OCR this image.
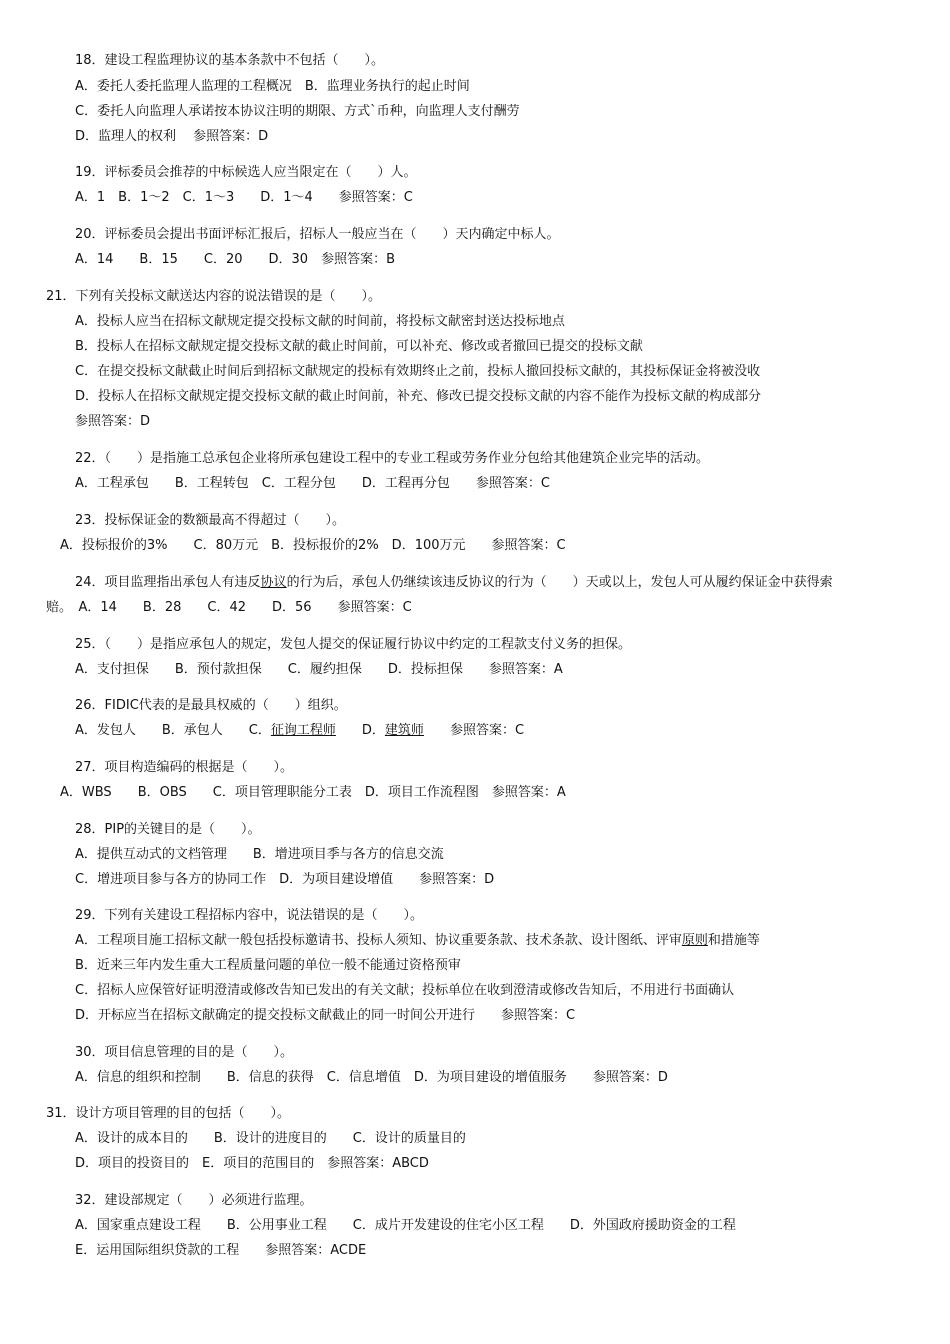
18．建设工程监理协议的基本条款中不包括（　　）。
A．委托人委托监理人监理的工程概况　B．监理业务执行的起止时间
C．委托人向监理人承诺按本协议注明的期限、方式`币种，向监理人支付酬劳
D．监理人的权利　 参照答案：D
19．评标委员会推荐的中标候选人应当限定在（　　）人。
A．1　B．1～2　C．1～3　　D．1～4　　参照答案：C
20．评标委员会提出书面评标汇报后，招标人一般应当在（　　）天内确定中标人。
A．14　　B．15　　C．20　　D．30　参照答案：B
21．下列有关投标文献送达内容的说法错误的是（　　）。
A．投标人应当在招标文献规定提交投标文献的时间前，将投标文献密封送达投标地点
B．投标人在招标文献规定提交投标文献的截止时间前，可以补充、修改或者撤回已提交的投标文献
C．在提交投标文献截止时间后到招标文献规定的投标有效期终止之前，投标人撤回投标文献的，其投标保证金将被没收
D．投标人在招标文献规定提交投标文献的截止时间前，补充、修改已提交投标文献的内容不能作为投标文献的构成部分
参照答案：D
22．（　　）是指施工总承包企业将所承包建设工程中的专业工程或劳务作业分包给其他建筑企业完毕的活动。
A．工程承包　　B．工程转包　C．工程分包　　D．工程再分包　　参照答案：C
23．投标保证金的数额最高不得超过（　　）。
A．投标报价的3%　　C．80万元　B．投标报价的2%　D．100万元　　参照答案：C
24．项目监理指出承包人有违反协议的行为后，承包人仍继续该违反协议的行为（　　）天或以上，发包人可从履约保证金中获得索
赔。　A．14　　B．28　　C．42　　D．56　　参照答案：C
25．（　　）是指应承包人的规定，发包人提交的保证履行协议中约定的工程款支付义务的担保。
A．支付担保　　B．预付款担保　　C．履约担保　　D．投标担保　　参照答案：A
26．FIDIC代表的是最具权威的（　　）组织。
A．发包人　　B．承包人　　C．征询工程师　　D．建筑师　　参照答案：C
27．项目构造编码的根据是（　　）。
A．WBS　　B．OBS　　C．项目管理职能分工表　D．项目工作流程图　参照答案：A
28．PIP的关键目的是（　　）。
A．提供互动式的文档管理　　B．增进项目季与各方的信息交流
C．增进项目参与各方的协同工作　D．为项目建设增值　　参照答案：D
29．下列有关建设工程招标内容中，说法错误的是（　　）。
A．工程项目施工招标文献一般包括投标邀请书、投标人须知、协议重要条款、技术条款、设计图纸、评审原则和措施等
B．近来三年内发生重大工程质量问题的单位一般不能通过资格预审
C．招标人应保管好证明澄清或修改告知已发出的有关文献；投标单位在收到澄清或修改告知后，不用进行书面确认
D．开标应当在招标文献确定的提交投标文献截止的同一时间公开进行　　参照答案：C
30．项目信息管理的目的是（　　）。
A．信息的组织和控制　　B．信息的获得　C．信息增值　D．为项目建设的增值服务　　参照答案：D
31．设计方项目管理的目的包括（　　）。
A．设计的成本目的　　B．设计的进度目的　　C．设计的质量目的
D．项目的投资目的　E．项目的范围目的　参照答案：ABCD
32．建设部规定（　　）必须进行监理。
A．国家重点建设工程　　B．公用事业工程　　C．成片开发建设的住宅小区工程　　D．外国政府援助资金的工程
E．运用国际组织贷款的工程　　参照答案：ACDE
